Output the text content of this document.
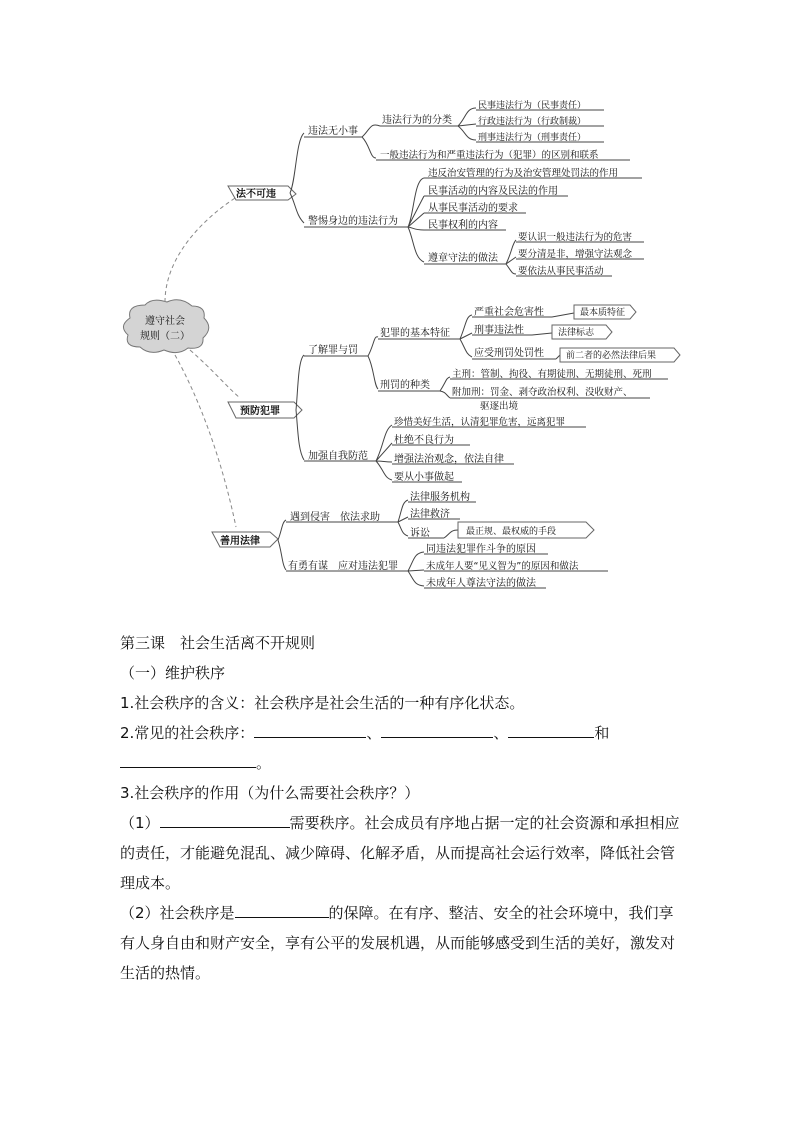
遵守社会
规则（二）
法不可违
预防犯罪
善用法律
违法无小事
违法行为的分类
民事违法行为（民事责任）
行政违法行为（行政制裁）
刑事违法行为（刑事责任）
一般违法行为和严重违法行为（犯罪）的区别和联系
警惕身边的违法行为
违反治安管理的行为及治安管理处罚法的作用
民事活动的内容及民法的作用
从事民事活动的要求
民事权利的内容
遵章守法的做法
要认识一般违法行为的危害
要分清是非，增强守法观念
要依法从事民事活动
了解罪与罚
犯罪的基本特征
严重社会危害性
刑事违法性
应受刑罚处罚性
最本质特征
法律标志
前二者的必然法律后果
刑罚的种类
主刑：管制、拘役、有期徒刑、无期徒刑、死刑
附加刑：罚金、剥夺政治权利、没收财产、
驱逐出境
加强自我防范
珍惜美好生活，认清犯罪危害，远离犯罪
杜绝不良行为
增强法治观念，依法自律
要从小事做起
遇到侵害　依法求助
法律服务机构
法律救济
诉讼	最正规、最权威的手段
有勇有谋　应对违法犯罪
同违法犯罪作斗争的原因
未成年人要“见义智为”的原因和做法
未成年人尊法守法的做法

第三课　社会生活离不开规则

（一）维护秩序

1.社会秩序的含义：社会秩序是社会生活的一种有序化状态。

2.常见的社会秩序：	、	、	和

。

3.社会秩序的作用（为什么需要社会秩序？）

（1）	需要秩序。社会成员有序地占据一定的社会资源和承担相应的责任，才能避免混乱、减少障碍、化解矛盾，从而提高社会运行效率，降低社会管理成本。

（2）社会秩序是	的保障。在有序、整洁、安全的社会环境中，我们享有人身自由和财产安全，享有公平的发展机遇，从而能够感受到生活的美好，激发对生活的热情。
